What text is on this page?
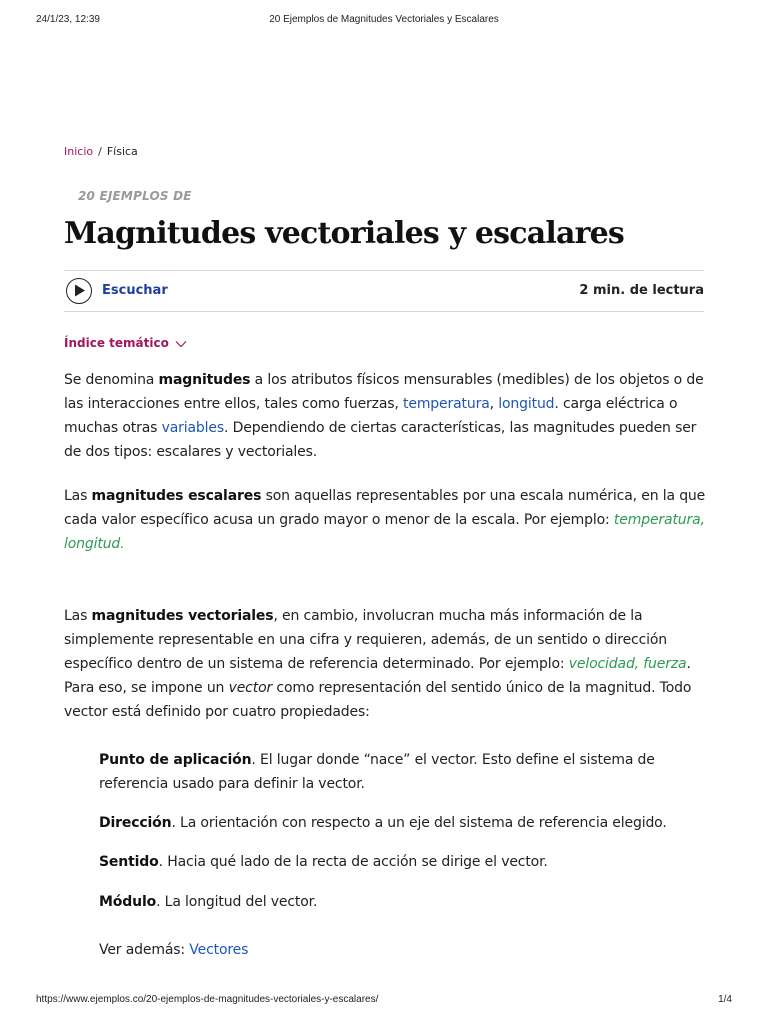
24/1/23, 12:39	20 Ejemplos de Magnitudes Vectoriales y Escalares
Inicio / Física
20 EJEMPLOS DE
Magnitudes vectoriales y escalares
Escuchar	2 min. de lectura
Índice temático

Se denomina magnitudes a los atributos físicos mensurables (medibles) de los objetos o de las interacciones entre ellos, tales como fuerzas, temperatura, longitud. carga eléctrica o muchas otras variables. Dependiendo de ciertas características, las magnitudes pueden ser de dos tipos: escalares y vectoriales.

Las magnitudes escalares son aquellas representables por una escala numérica, en la que cada valor específico acusa un grado mayor o menor de la escala. Por ejemplo: temperatura, longitud.

Las magnitudes vectoriales, en cambio, involucran mucha más información de la simplemente representable en una cifra y requieren, además, de un sentido o dirección específico dentro de un sistema de referencia determinado. Por ejemplo: velocidad, fuerza. Para eso, se impone un vector como representación del sentido único de la magnitud. Todo vector está definido por cuatro propiedades:

Punto de aplicación. El lugar donde “nace” el vector. Esto define el sistema de referencia usado para definir la vector.

Dirección. La orientación con respecto a un eje del sistema de referencia elegido.

Sentido. Hacia qué lado de la recta de acción se dirige el vector.

Módulo. La longitud del vector.

Ver además: Vectores

https://www.ejemplos.co/20-ejemplos-de-magnitudes-vectoriales-y-escalares/	1/4
